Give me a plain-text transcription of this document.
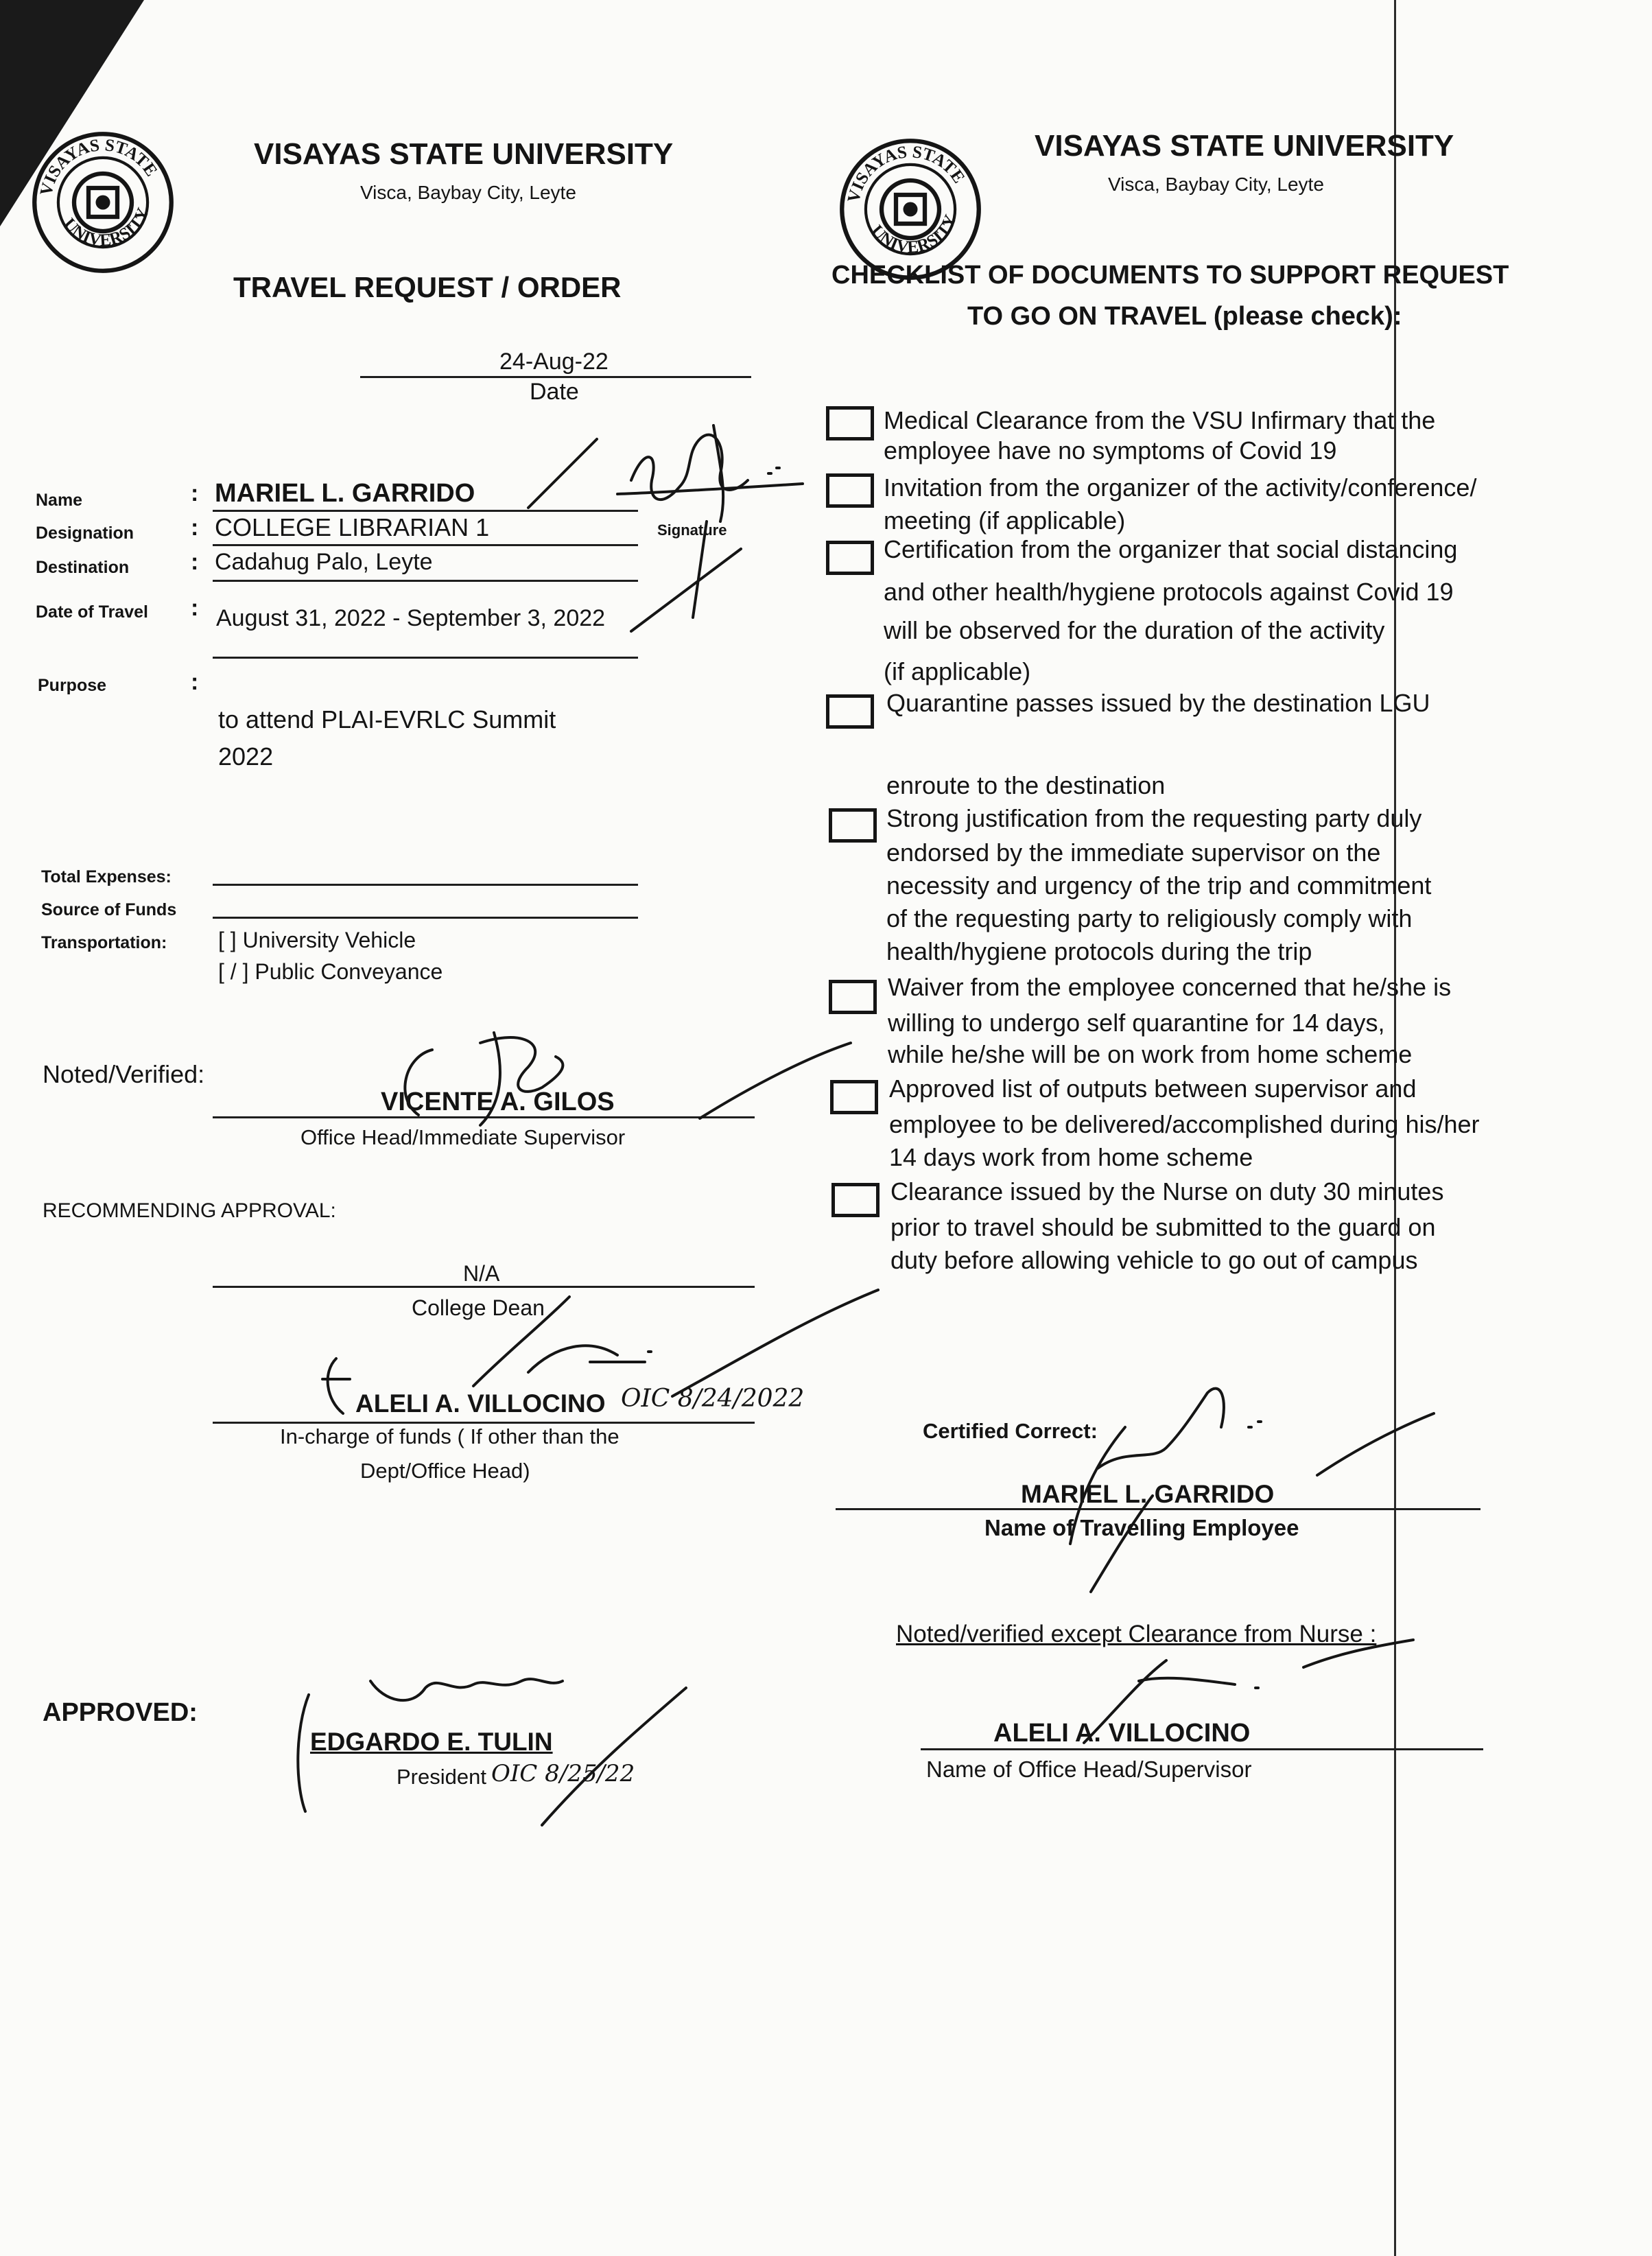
VISAYAS STATE
UNIVERSITY
VISAYAS STATE UNIVERSITY
Visca, Baybay City, Leyte
TRAVEL REQUEST / ORDER
24-Aug-22
Date
Name	: MARIEL L. GARRIDO
Designation : COLLEGE LIBRARIAN 1	Signature
Destination	: Cadahug Palo, Leyte
Date of Travel : August 31, 2022 - September 3, 2022
Purpose	:
to attend PLAI-EVRLC Summit
2022
Total Expenses:
Source of Funds
Transportation: [ ] University Vehicle
[ / ] Public Conveyance
Noted/Verified:
VICENTE A. GILOS
Office Head/Immediate Supervisor
RECOMMENDING APPROVAL:
N/A
College Dean
ALELI A. VILLOCINO OIC 8/24/2022
In-charge of funds ( If other than the
Dept/Office Head)
APPROVED:
EDGARDO E. TULIN
President OIC 8/25/22
VISAYAS STATE
UNIVERSITY
VISAYAS STATE UNIVERSITY
Visca, Baybay City, Leyte
CHECKLIST OF DOCUMENTS TO SUPPORT REQUEST
TO GO ON TRAVEL (please check):
Medical Clearance from the VSU Infirmary that the
employee have no symptoms of Covid 19
Invitation from the organizer of the activity/conference/
meeting (if applicable)
Certification from the organizer that social distancing
and other health/hygiene protocols against Covid 19
will be observed for the duration of the activity
(if applicable)
Quarantine passes issued by the destination LGU
enroute to the destination
Strong justification from the requesting party duly
endorsed by the immediate supervisor on the
necessity and urgency of the trip and commitment
of the requesting party to religiously comply with
health/hygiene protocols during the trip
Waiver from the employee concerned that he/she is
willing to undergo self quarantine for 14 days,
while he/she will be on work from home scheme
Approved list of outputs between supervisor and
employee to be delivered/accomplished during his/her
14 days work from home scheme
Clearance issued by the Nurse on duty 30 minutes
prior to travel should be submitted to the guard on
duty before allowing vehicle to go out of campus
Certified Correct:
MARIEL L. GARRIDO
Name of Travelling Employee
Noted/verified except Clearance from Nurse :
ALELI A. VILLOCINO
Name of Office Head/Supervisor
